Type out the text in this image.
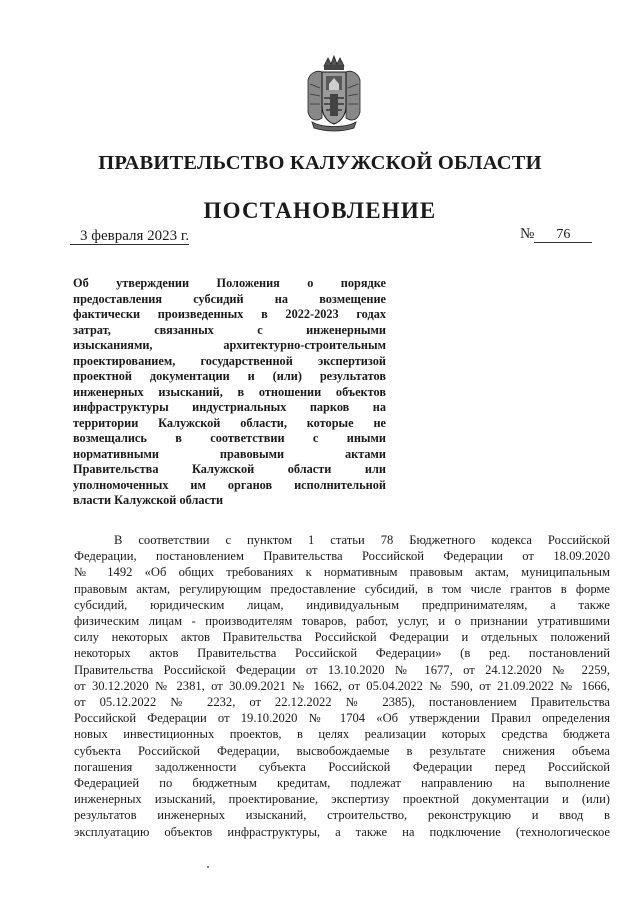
ПРАВИТЕЛЬСТВО КАЛУЖСКОЙ ОБЛАСТИ
ПОСТАНОВЛЕНИЕ
3 февраля 2023 г.	№ 76
Об утверждении Положения о порядке
предоставления субсидий на возмещение
фактически произведенных в 2022-2023 годах
затрат, связанных с инженерными
изысканиями, архитектурно-строительным
проектированием, государственной экспертизой
проектной документации и (или) результатов
инженерных изысканий, в отношении объектов
инфраструктуры индустриальных парков на
территории Калужской области, которые не
возмещались в соответствии с иными
нормативными правовыми актами
Правительства Калужской области или
уполномоченных им органов исполнительной
власти Калужской области
В соответствии с пунктом 1 статьи 78 Бюджетного кодекса Российской
Федерации, постановлением Правительства Российской Федерации от 18.09.2020
№ 1492 «Об общих требованиях к нормативным правовым актам, муниципальным
правовым актам, регулирующим предоставление субсидий, в том числе грантов в форме
субсидий, юридическим лицам, индивидуальным предпринимателям, а также
физическим лицам - производителям товаров, работ, услуг, и о признании утратившими
силу некоторых актов Правительства Российской Федерации и отдельных положений
некоторых актов Правительства Российской Федерации» (в ред. постановлений
Правительства Российской Федерации от 13.10.2020 № 1677, от 24.12.2020 № 2259,
от 30.12.2020 № 2381, от 30.09.2021 № 1662, от 05.04.2022 № 590, от 21.09.2022 № 1666,
от 05.12.2022 № 2232, от 22.12.2022 № 2385), постановлением Правительства
Российской Федерации от 19.10.2020 № 1704 «Об утверждении Правил определения
новых инвестиционных проектов, в целях реализации которых средства бюджета
субъекта Российской Федерации, высвобождаемые в результате снижения объема
погашения задолженности субъекта Российской Федерации перед Российской
Федерацией по бюджетным кредитам, подлежат направлению на выполнение
инженерных изысканий, проектирование, экспертизу проектной документации и (или)
результатов инженерных изысканий, строительство, реконструкцию и ввод в
эксплуатацию объектов инфраструктуры, а также на подключение (технологическое
